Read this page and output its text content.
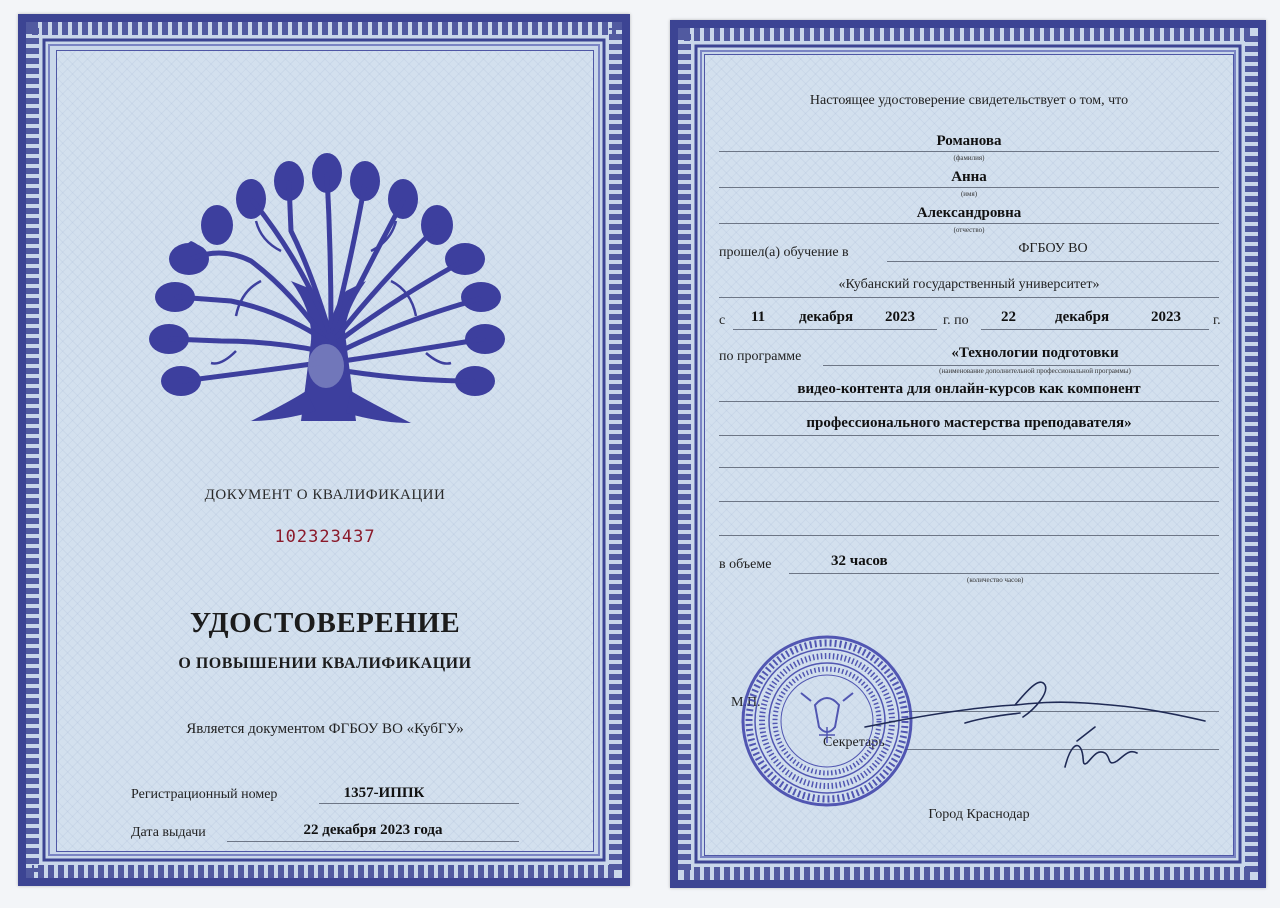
ДОКУМЕНТ О КВАЛИФИКАЦИИ
102323437
УДОСТОВЕРЕНИЕ
О ПОВЫШЕНИИ КВАЛИФИКАЦИИ
Является документом ФГБОУ ВО «КубГУ»
Регистрационный номер	1357-ИППК
Дата выдачи	22 декабря 2023 года
Настоящее удостоверение свидетельствует о том, что
Романова
(фамилия)
Анна
(имя)
Александровна
(отчество)
прошел(а) обучение в	ФГБОУ ВО
«Кубанский государственный университет»
с 11 декабря 2023 г. по 22	декабря	2023 г.
по программе	«Технологии подготовки
(наименование дополнительной профессиональной программы)
видео-контента для онлайн-курсов как компонент
профессионального мастерства преподавателя»
в объеме	32 часов
(количество часов)
М.П.
Секретарь
Город Краснодар
